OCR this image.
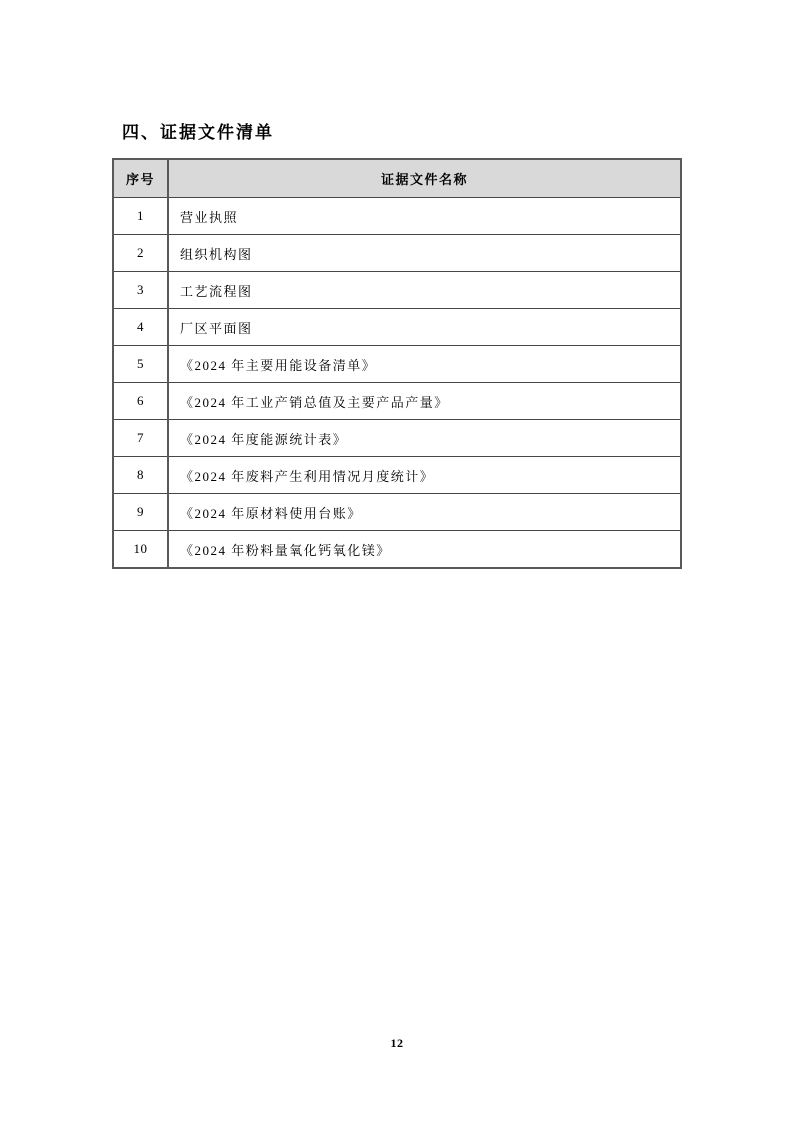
四、证据文件清单
序号	证据文件名称
1	营业执照
2	组织机构图
3	工艺流程图
4	厂区平面图
5	《2024 年主要用能设备清单》
6	《2024 年工业产销总值及主要产品产量》
7	《2024 年度能源统计表》
8	《2024 年废料产生利用情况月度统计》
9	《2024 年原材料使用台账》
10	《2024 年粉料量氧化钙氧化镁》
12
